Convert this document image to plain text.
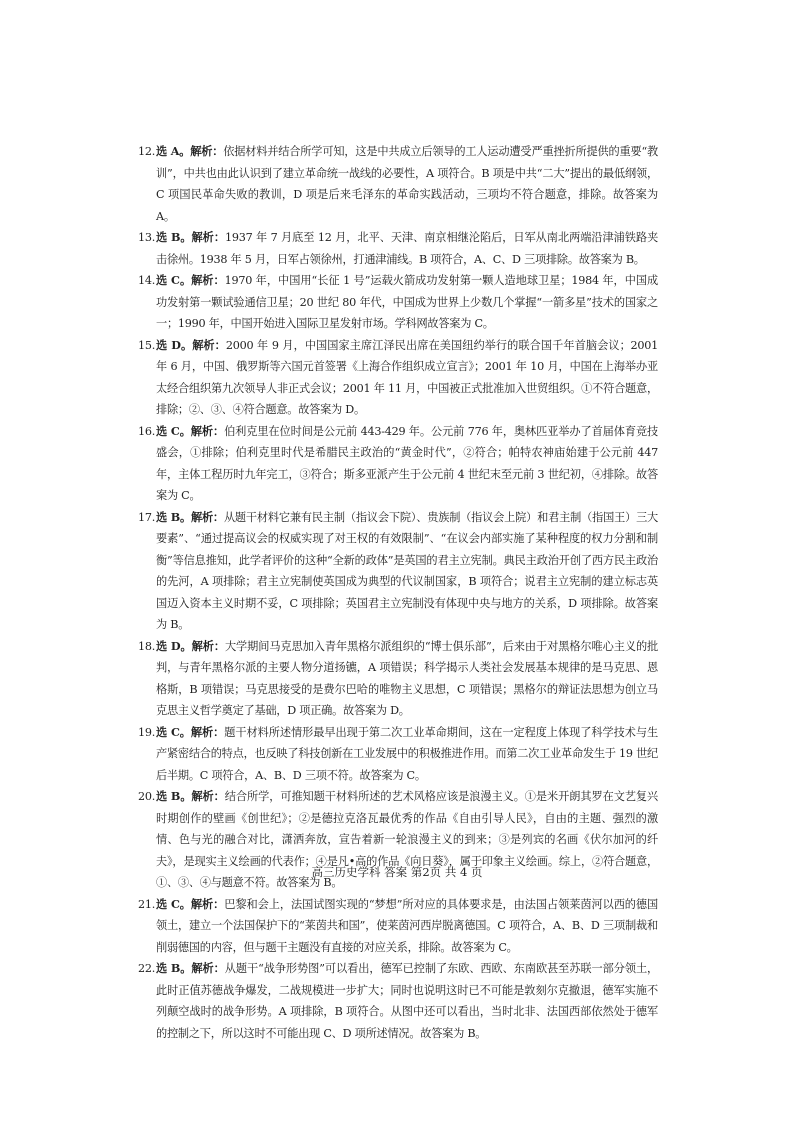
12. 选 A。解析：依据材料并结合所学可知，这是中共成立后领导的工人运动遭受严重挫折所提供的重要“教训”，中共也由此认识到了建立革命统一战线的必要性，A 项符合。B 项是中共“二大”提出的最低纲领，C 项国民革命失败的教训，D 项是后来毛泽东的革命实践活动，三项均不符合题意，排除。故答案为 A。
13. 选 B。解析：1937 年 7 月底至 12 月，北平、天津、南京相继沦陷后，日军从南北两端沿津浦铁路夹击徐州。1938 年 5 月，日军占领徐州，打通津浦线。B 项符合，A、C、D 三项排除。故答案为 B。
14. 选 C。解析：1970 年，中国用“长征 1 号”运载火箭成功发射第一颗人造地球卫星；1984 年，中国成功发射第一颗试验通信卫星；20 世纪 80 年代，中国成为世界上少数几个掌握“一箭多星”技术的国家之一；1990 年，中国开始进入国际卫星发射市场。学科网故答案为 C。
15. 选 D。解析：2000 年 9 月，中国国家主席江泽民出席在美国纽约举行的联合国千年首脑会议；2001 年 6 月，中国、俄罗斯等六国元首签署《上海合作组织成立宣言》；2001 年 10 月，中国在上海举办亚太经合组织第九次领导人非正式会议；2001 年 11 月，中国被正式批准加入世贸组织。①不符合题意，排除；②、③、④符合题意。故答案为 D。
16. 选 C。解析：伯利克里在位时间是公元前 443-429 年。公元前 776 年，奥林匹亚举办了首届体育竞技盛会，①排除；伯利克里时代是希腊民主政治的“黄金时代”，②符合；帕特农神庙始建于公元前 447 年，主体工程历时九年完工，③符合；斯多亚派产生于公元前 4 世纪末至元前 3 世纪初，④排除。故答案为 C。
17. 选 B。解析：从题干材料它兼有民主制（指议会下院）、贵族制（指议会上院）和君主制（指国王）三大要素”、“通过提高议会的权威实现了对王权的有效限制”、“在议会内部实施了某种程度的权力分割和制衡”等信息推知，此学者评价的这种“全新的政体”是英国的君主立宪制。典民主政治开创了西方民主政治的先河，A 项排除；君主立宪制使英国成为典型的代议制国家，B 项符合；说君主立宪制的建立标志英国迈入资本主义时期不妥，C 项排除；英国君主立宪制没有体现中央与地方的关系，D 项排除。故答案为 B。
18. 选 D。解析：大学期间马克思加入青年黑格尔派组织的“博士俱乐部”，后来由于对黑格尔唯心主义的批判，与青年黑格尔派的主要人物分道扬镳，A 项错误；科学揭示人类社会发展基本规律的是马克思、恩格斯，B 项错误；马克思接受的是费尔巴哈的唯物主义思想，C 项错误；黑格尔的辩证法思想为创立马克思主义哲学奠定了基础，D 项正确。故答案为 D。
19. 选 C。解析：题干材料所述情形最早出现于第二次工业革命期间，这在一定程度上体现了科学技术与生产紧密结合的特点，也反映了科技创新在工业发展中的积极推进作用。而第二次工业革命发生于 19 世纪后半期。C 项符合，A、B、D 三项不符。故答案为 C。
20. 选 B。解析：结合所学，可推知题干材料所述的艺术风格应该是浪漫主义。①是米开朗其罗在文艺复兴时期创作的壁画《创世纪》；②是德拉克洛瓦最优秀的作品《自由引导人民》，自由的主题、强烈的激情、色与光的融合对比，潇洒奔放，宣告着新一轮浪漫主义的到来；③是列宾的名画《伏尔加河的纤夫》，是现实主义绘画的代表作；④是凡•高的作品《向日葵》，属于印象主义绘画。综上，②符合题意，①、③、④与题意不符。故答案为 B。
21. 选 C。解析：巴黎和会上，法国试图实现的“梦想”所对应的具体要求是，由法国占领莱茵河以西的德国领土，建立一个法国保护下的“莱茵共和国”，使莱茵河西岸脱离德国。C 项符合，A、B、D 三项制裁和削弱德国的内容，但与题干主题没有直接的对应关系，排除。故答案为 C。
22. 选 B。解析：从题干“战争形势图”可以看出，德军已控制了东欧、西欧、东南欧甚至苏联一部分领土，此时正值苏德战争爆发，二战规模进一步扩大；同时也说明这时已不可能是敦刻尔克撤退，德军实施不列颠空战时的战争形势。A 项排除，B 项符合。从图中还可以看出，当时北非、法国西部依然处于德军的控制之下，所以这时不可能出现 C、D 项所述情况。故答案为 B。
高三历史学科 答案 第2页 共 4 页
